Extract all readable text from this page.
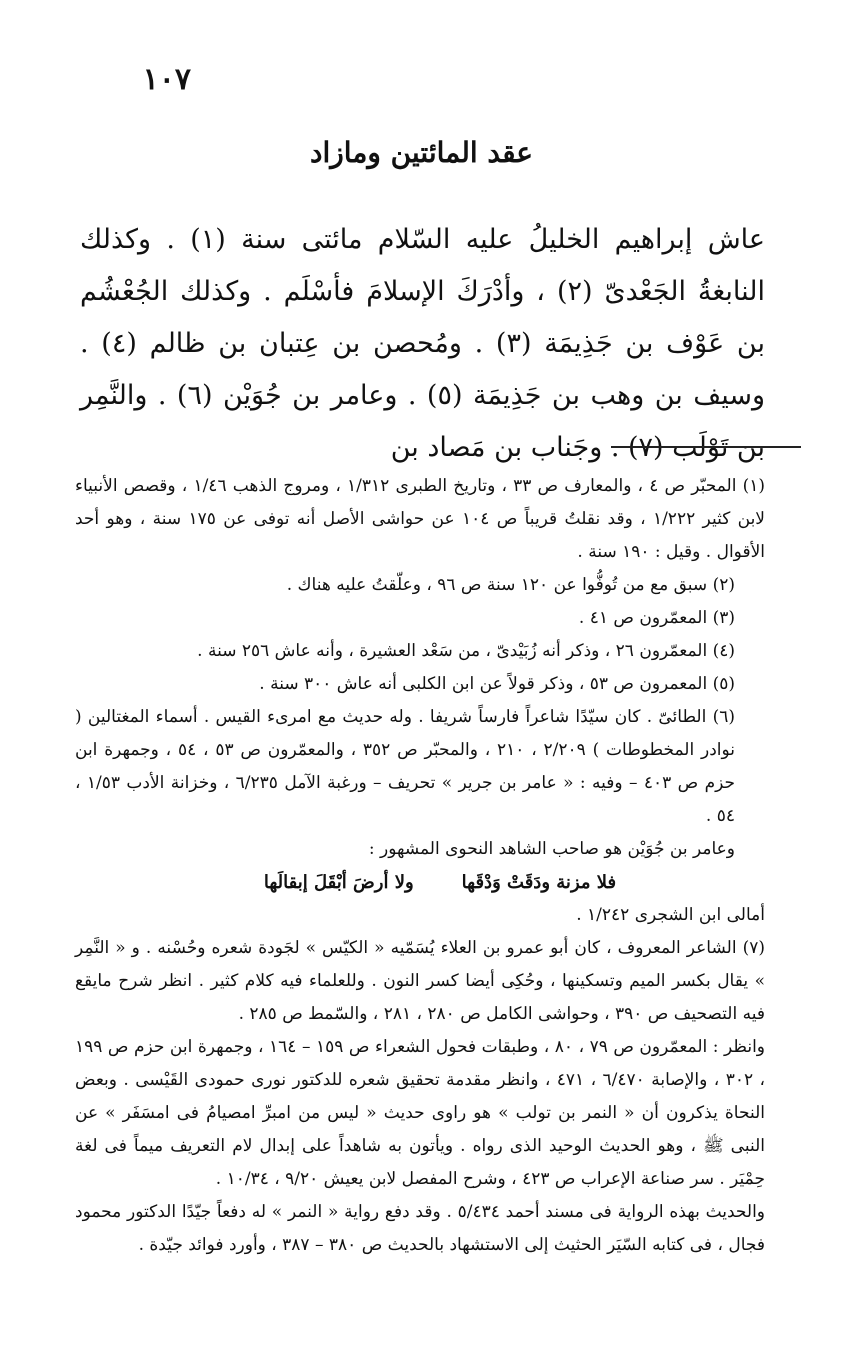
١٠٧
عقد المائتين ومازاد

عاش إبراهيم الخليلُ عليه السّلام مائتى سنة (١) . وكذلك النابغةُ الجَعْدىّ (٢) ، وأدْرَكَ الإسلامَ فأسْلَم . وكذلك الجُعْشُم بن عَوْف بن جَذِيمَة (٣) . ومُحصن بن عِتبان بن ظالم (٤) . وسيف بن وهب بن جَذِيمَة (٥) . وعامر بن جُوَيْن (٦) . والنَّمِر بن تَوْلَب (٧) . وجَناب بن مَصاد بن

(١) المحبّر ص ٤ ، والمعارف ص ٣٣ ، وتاريخ الطبرى ١/٣١٢ ، ومروج الذهب ١/٤٦ ، وقصص الأنبياء لابن كثير ١/٢٢٢ ، وقد نقلتُ قريباً ص ١٠٤ عن حواشى الأصل أنه توفى عن ١٧٥ سنة ، وهو أحد الأقوال . وقيل : ١٩٠ سنة .

(٢) سبق مع من تُوفُّوا عن ١٢٠ سنة ص ٩٦ ، وعلّقتُ عليه هناك .

(٣) المعمّرون ص ٤١ .

(٤) المعمّرون ٢٦ ، وذكر أنه زُبَيْدىّ ، من سَعْد العشيرة ، وأنه عاش ٢٥٦ سنة .

(٥) المعمرون ص ٥٣ ، وذكر قولاً عن ابن الكلبى أنه عاش ٣٠٠ سنة .

(٦) الطائىّ . كان سيّدًا شاعراً فارساً شريفا . وله حديث مع امرىء القيس . أسماء المغتالين ( نوادر المخطوطات ) ٢/٢٠٩ ، ٢١٠ ، والمحبّر ص ٣٥٢ ، والمعمّرون ص ٥٣ ، ٥٤ ، وجمهرة ابن حزم ص ٤٠٣ – وفيه : « عامر بن جرير » تحريف – ورغبة الآمل ٦/٢٣٥ ، وخزانة الأدب ١/٥٣ ، ٥٤ .

وعامر بن جُوَيْن هو صاحب الشاهد النحوى المشهور :

فلا مزنة ودَقَتْ وَدْقَهاولا أرضَ أبْقَلَ إبقالَها

أمالى ابن الشجرى ١/٢٤٢ .

(٧) الشاعر المعروف ، كان أبو عمرو بن العلاء يُسَمّيه « الكيّس » لجَودة شعره وحُسْنه . و « النَّمِر » يقال بكسر الميم وتسكينها ، وحُكِى أيضا كسر النون . وللعلماء فيه كلام كثير . انظر شرح مايقع فيه التصحيف ص ٣٩٠ ، وحواشى الكامل ص ٢٨٠ ، ٢٨١ ، والسّمط ص ٢٨٥ .

وانظر : المعمّرون ص ٧٩ ، ٨٠ ، وطبقات فحول الشعراء ص ١٥٩ – ١٦٤ ، وجمهرة ابن حزم ص ١٩٩ ، ٣٠٢ ، والإصابة ٦/٤٧٠ ، ٤٧١ ، وانظر مقدمة تحقيق شعره للدكتور نورى حمودى القَيْسى . وبعض النحاة يذكرون أن « النمر بن تولب » هو راوى حديث « ليس من امبرِّ امصيامُ فى امسَفَر » عن النبى ﷺ ، وهو الحديث الوحيد الذى رواه . ويأتون به شاهداً على إبدال لام التعريف ميماً فى لغة حِمْيَر . سر صناعة الإعراب ص ٤٢٣ ، وشرح المفصل لابن يعيش ٩/٢٠ ، ١٠/٣٤ .

والحديث بهذه الرواية فى مسند أحمد ٥/٤٣٤ . وقد دفع رواية « النمر » له دفعاً جيّدًا الدكتور محمود فجال ، فى كتابه السّيَر الحثيث إلى الاستشهاد بالحديث ص ٣٨٠ – ٣٨٧ ، وأورد فوائد جيّدة .
